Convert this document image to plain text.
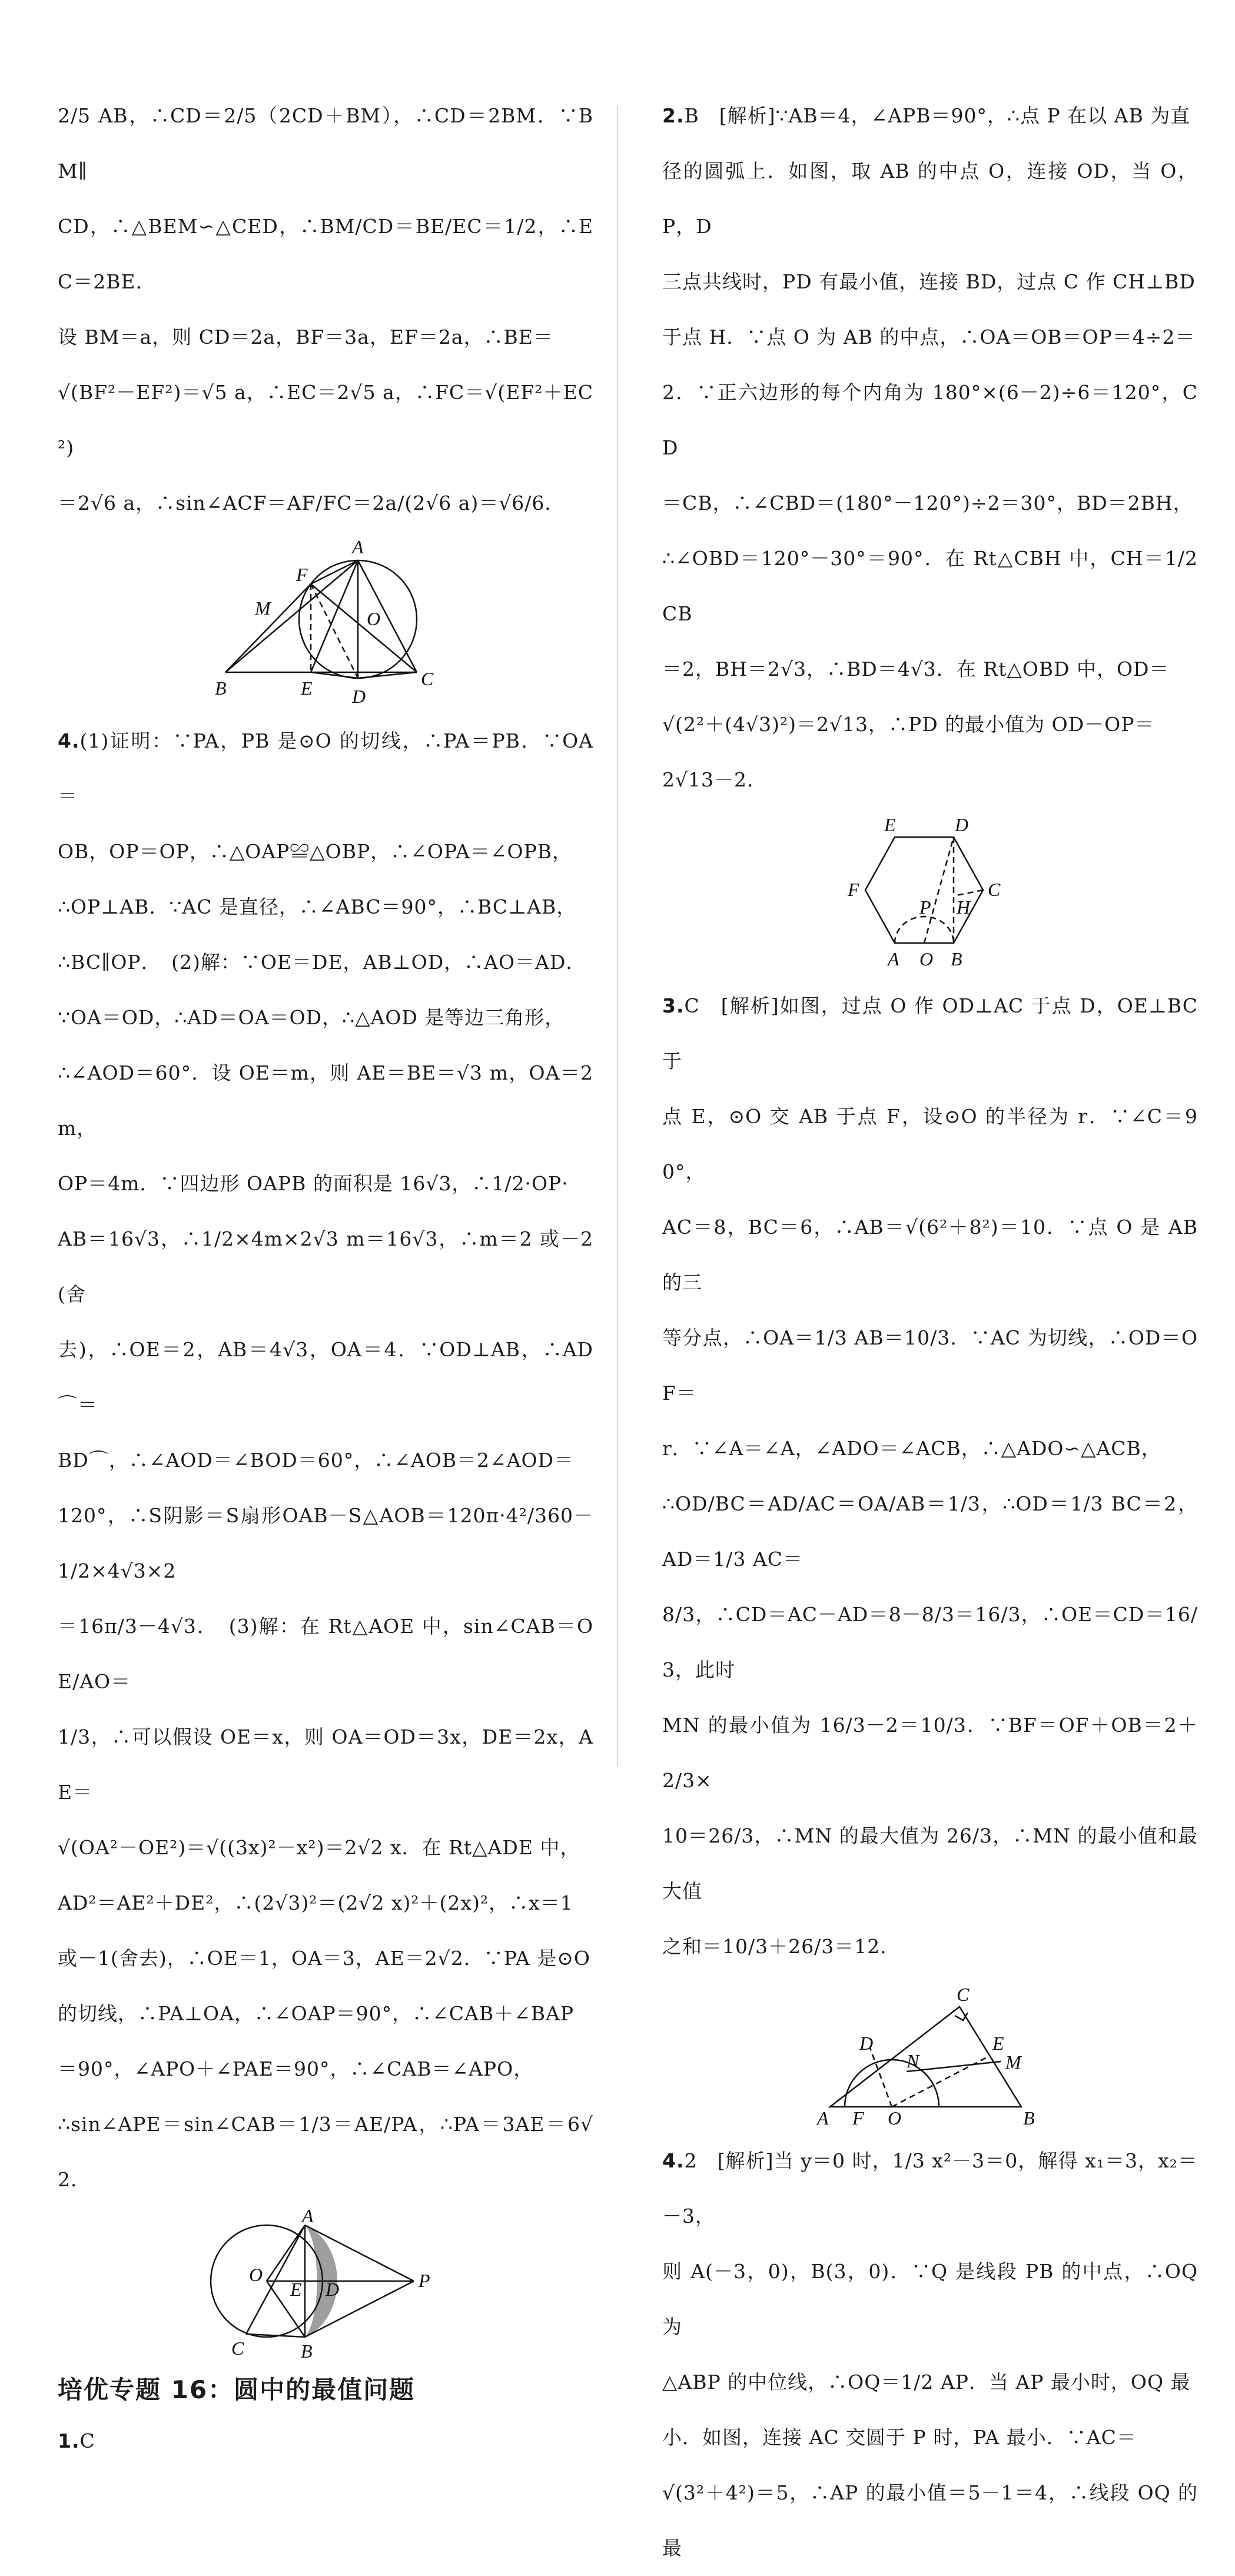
2/5 AB，∴CD＝2/5（2CD＋BM），∴CD＝2BM．∵BM∥

CD，∴△BEM∽△CED，∴BM/CD＝BE/EC＝1/2，∴EC＝2BE．

设 BM＝a，则 CD＝2a，BF＝3a，EF＝2a，∴BE＝

√(BF²－EF²)＝√5 a，∴EC＝2√5 a，∴FC＝√(EF²＋EC²)

＝2√6 a，∴sin∠ACF＝AF/FC＝2a/(2√6 a)＝√6/6．

A
F
M	O
B	E	C
D

4.(1)证明：∵PA，PB 是⊙O 的切线，∴PA＝PB．∵OA＝

OB，OP＝OP，∴△OAP≌△OBP，∴∠OPA＝∠OPB，

∴OP⊥AB．∵AC 是直径，∴∠ABC＝90°，∴BC⊥AB，

∴BC∥OP．　(2)解：∵OE＝DE，AB⊥OD，∴AO＝AD．

∵OA＝OD，∴AD＝OA＝OD，∴△AOD 是等边三角形，

∴∠AOD＝60°．设 OE＝m，则 AE＝BE＝√3 m，OA＝2m，

OP＝4m．∵四边形 OAPB 的面积是 16√3，∴1/2·OP·

AB＝16√3，∴1/2×4m×2√3 m＝16√3，∴m＝2 或－2(舍

去)，∴OE＝2，AB＝4√3，OA＝4．∵OD⊥AB，∴AD⌒＝

BD⌒，∴∠AOD＝∠BOD＝60°，∴∠AOB＝2∠AOD＝

120°，∴S阴影＝S扇形OAB－S△AOB＝120π·4²/360－1/2×4√3×2

＝16π/3－4√3．　(3)解：在 Rt△AOE 中，sin∠CAB＝OE/AO＝

1/3，∴可以假设 OE＝x，则 OA＝OD＝3x，DE＝2x，AE＝

√(OA²－OE²)＝√((3x)²－x²)＝2√2 x．在 Rt△ADE 中，

AD²＝AE²＋DE²，∴(2√3)²＝(2√2 x)²＋(2x)²，∴x＝1

或－1(舍去)，∴OE＝1，OA＝3，AE＝2√2．∵PA 是⊙O

的切线，∴PA⊥OA，∴∠OAP＝90°，∴∠CAB＋∠BAP

＝90°，∠APO＋∠PAE＝90°，∴∠CAB＝∠APO，

∴sin∠APE＝sin∠CAB＝1/3＝AE/PA，∴PA＝3AE＝6√2．

A
O
E D	P
C	B

培优专题 16：圆中的最值问题

1.C

2.B　[解析]∵AB＝4，∠APB＝90°，∴点 P 在以 AB 为直

径的圆弧上．如图，取 AB 的中点 O，连接 OD，当 O，P，D

三点共线时，PD 有最小值，连接 BD，过点 C 作 CH⊥BD

于点 H．∵点 O 为 AB 的中点，∴OA＝OB＝OP＝4÷2＝

2．∵正六边形的每个内角为 180°×(6－2)÷6＝120°，CD

＝CB，∴∠CBD＝(180°－120°)÷2＝30°，BD＝2BH，

∴∠OBD＝120°－30°＝90°．在 Rt△CBH 中，CH＝1/2 CB

＝2，BH＝2√3，∴BD＝4√3．在 Rt△OBD 中，OD＝

√(2²＋(4√3)²)＝2√13，∴PD 的最小值为 OD－OP＝

2√13－2．

E	D
F	C
P H
A O B

3.C　[解析]如图，过点 O 作 OD⊥AC 于点 D，OE⊥BC 于

点 E，⊙O 交 AB 于点 F，设⊙O 的半径为 r．∵∠C＝90°，

AC＝8，BC＝6，∴AB＝√(6²＋8²)＝10．∵点 O 是 AB 的三

等分点，∴OA＝1/3 AB＝10/3．∵AC 为切线，∴OD＝OF＝

r．∵∠A＝∠A，∠ADO＝∠ACB，∴△ADO∽△ACB，

∴OD/BC＝AD/AC＝OA/AB＝1/3，∴OD＝1/3 BC＝2，AD＝1/3 AC＝

8/3，∴CD＝AC－AD＝8－8/3＝16/3，∴OE＝CD＝16/3，此时

MN 的最小值为 16/3－2＝10/3．∵BF＝OF＋OB＝2＋2/3×

10＝26/3，∴MN 的最大值为 26/3，∴MN 的最小值和最大值

之和＝10/3＋26/3＝12．

C
E
M
D
N
A F O	B

4.2　[解析]当 y＝0 时，1/3 x²－3＝0，解得 x₁＝3，x₂＝－3，

则 A(－3，0)，B(3，0)．∵Q 是线段 PB 的中点，∴OQ 为

△ABP 的中位线，∴OQ＝1/2 AP．当 AP 最小时，OQ 最

小．如图，连接 AC 交圆于 P 时，PA 最小．∵AC＝

√(3²＋4²)＝5，∴AP 的最小值＝5－1＝4，∴线段 OQ 的最
